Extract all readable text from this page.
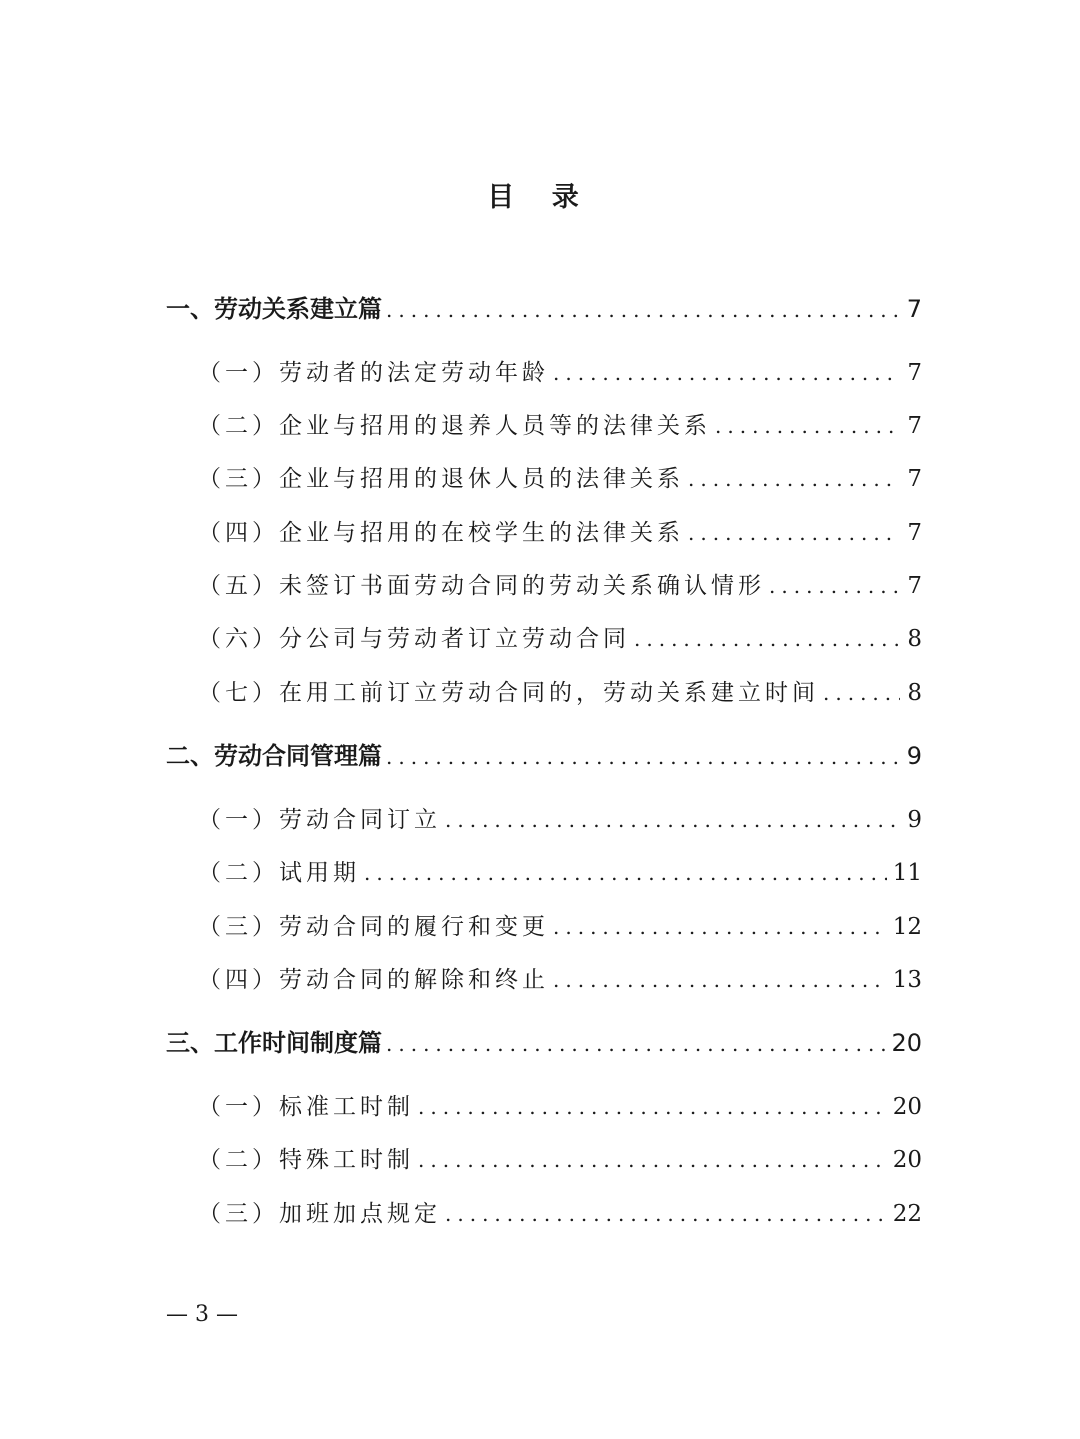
目 录
一、劳动关系建立篇 .....	7
（一）劳动者的法定劳动年龄 .....	7
（二）企业与招用的退养人员等的法律关系 .....	7
（三）企业与招用的退休人员的法律关系 .....	7
（四）企业与招用的在校学生的法律关系 .....	7
（五）未签订书面劳动合同的劳动关系确认情形 .....	7
（六）分公司与劳动者订立劳动合同 .....	8
（七）在用工前订立劳动合同的，劳动关系建立时间 .....	8
二、劳动合同管理篇 .....	9
（一）劳动合同订立 .....	9
（二）试用期 .....	11
（三）劳动合同的履行和变更 .....	12
（四）劳动合同的解除和终止 .....	13
三、工作时间制度篇 .....	20
（一）标准工时制 .....	20
（二）特殊工时制 .....	20
（三）加班加点规定 .....	22
— 3 —
